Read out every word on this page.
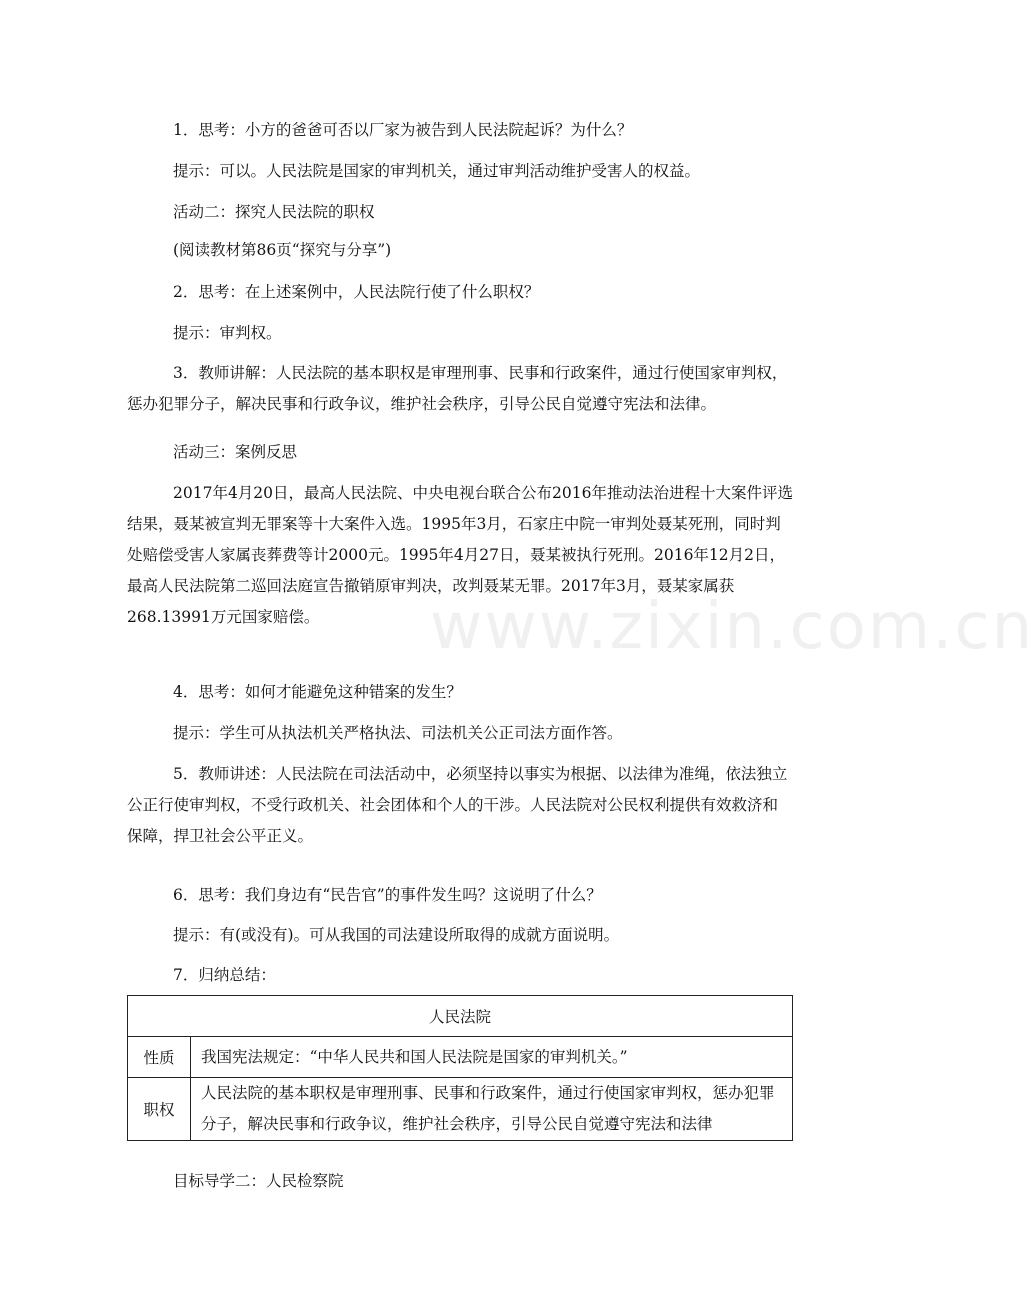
www.zixin.com.cn

1．思考：小方的爸爸可否以厂家为被告到人民法院起诉？为什么？

提示：可以。人民法院是国家的审判机关，通过审判活动维护受害人的权益。

活动二：探究人民法院的职权

(阅读教材第86页“探究与分享”)

2．思考：在上述案例中，人民法院行使了什么职权？

提示：审判权。

3．教师讲解：人民法院的基本职权是审理刑事、民事和行政案件，通过行使国家审判权，惩办犯罪分子，解决民事和行政争议，维护社会秩序，引导公民自觉遵守宪法和法律。

活动三：案例反思

2017年4月20日，最高人民法院、中央电视台联合公布2016年推动法治进程十大案件评选结果，聂某被宣判无罪案等十大案件入选。1995年3月，石家庄中院一审判处聂某死刑，同时判处赔偿受害人家属丧葬费等计2000元。1995年4月27日，聂某被执行死刑。2016年12月2日，最高人民法院第二巡回法庭宣告撤销原审判决，改判聂某无罪。2017年3月，聂某家属获268.13991万元国家赔偿。

4．思考：如何才能避免这种错案的发生？

提示：学生可从执法机关严格执法、司法机关公正司法方面作答。

5．教师讲述：人民法院在司法活动中，必须坚持以事实为根据、以法律为准绳，依法独立公正行使审判权，不受行政机关、社会团体和个人的干涉。人民法院对公民权利提供有效救济和保障，捍卫社会公平正义。

6．思考：我们身边有“民告官”的事件发生吗？这说明了什么？

提示：有(或没有)。可从我国的司法建设所取得的成就方面说明。

7．归纳总结：

人民法院	
性质	我国宪法规定：“中华人民共和国人民法院是国家的审判机关。”
职权	人民法院的基本职权是审理刑事、民事和行政案件，通过行使国家审判权，惩办犯罪分子，解决民事和行政争议，维护社会秩序，引导公民自觉遵守宪法和法律

目标导学二：人民检察院
